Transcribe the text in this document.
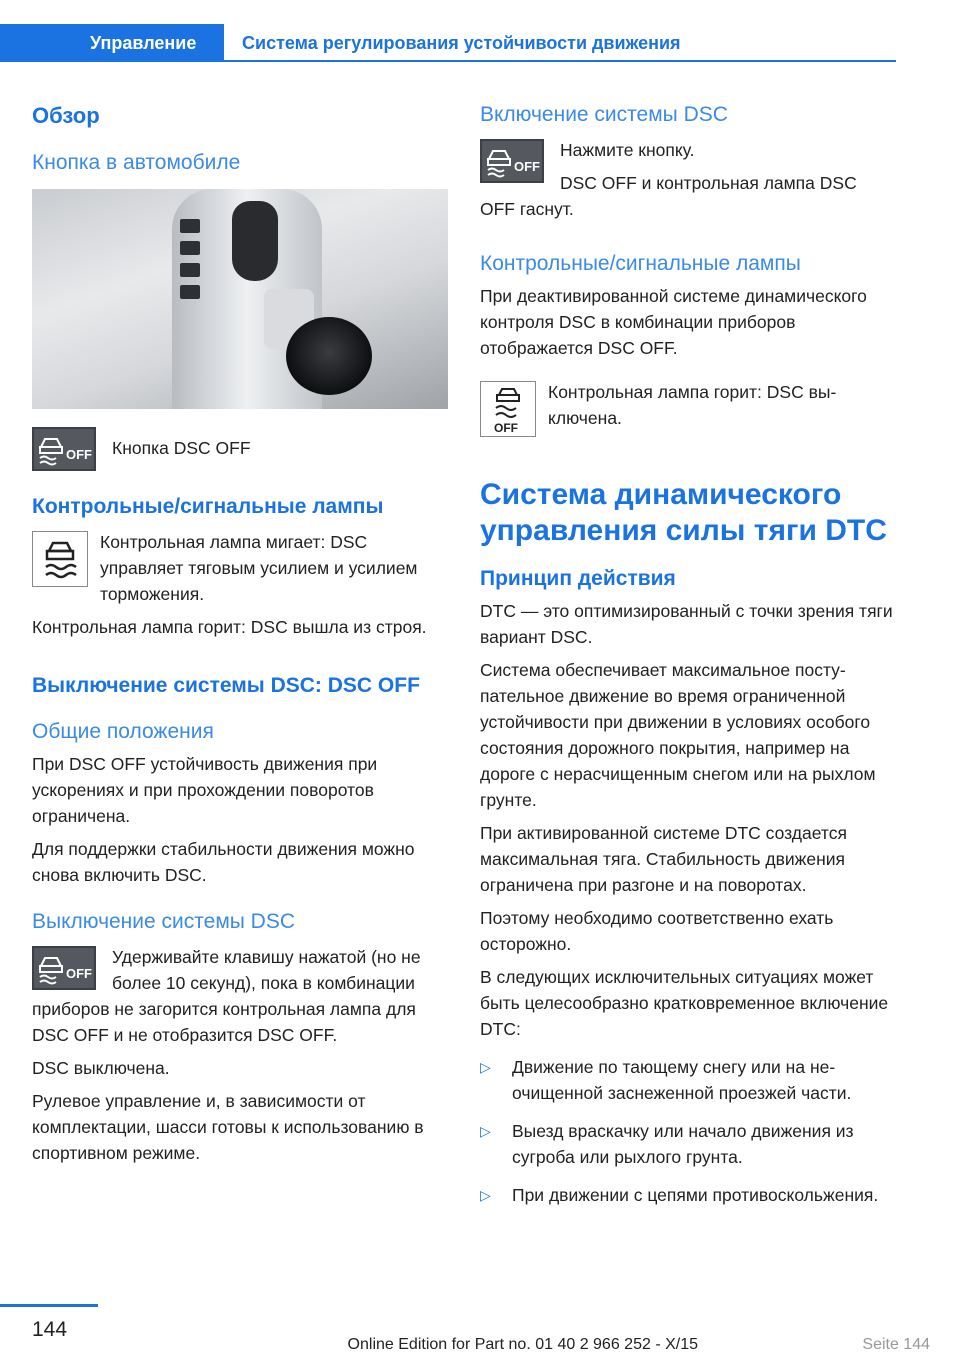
Управление	Система регулирования устойчивости движения
Обзор
Кнопка в автомобиле
OFF	Кнопка DSC OFF

Контрольные/сигнальные лампы

Контрольная лампа мигает: DSC управляет тяговым усилием и усилием торможения.

Контрольная лампа горит: DSC вышла из строя.

Выключение системы DSC: DSC OFF
Общие положения

При DSC OFF устойчивость движения при ускорениях и при прохождении поворотов ограничена.

Для поддержки стабильности движения можно снова включить DSC.

Выключение системы DSC
OFF

Удерживайте клавишу нажатой (но не более 10 секунд), пока в комбинации приборов не загорится контрольная лампа для DSC OFF и не отобразится DSC OFF.

DSC выключена.

Рулевое управление и, в зависимости от комплектации, шасси готовы к использованию в спортивном режиме.

Включение системы DSC
OFF

Нажмите кнопку.

DSC OFF и контрольная лампа DSC OFF гаснут.

Контрольные/сигнальные лампы

При деактивированной системе динамического контроля DSC в комбинации приборов отображается DSC OFF.

OFF

Контрольная лампа горит: DSC выключена.

Система динамического управления силы тяги DTC
Принцип действия

DTC — это оптимизированный с точки зрения тяги вариант DSC.

Система обеспечивает максимальное поступательное движение во время ограниченной устойчивости при движении в условиях особого состояния дорожного покрытия, например на дороге с нерасчищенным снегом или на рыхлом грунте.

При активированной системе DTC создается максимальная тяга. Стабильность движения ограничена при разгоне и на поворотах.

Поэтому необходимо соответственно ехать осторожно.

В следующих исключительных ситуациях может быть целесообразно кратковременное включение DTC:

▷ Движение по тающему снегу или на неочищенной заснеженной проезжей части.
▷ Выезд враскачку или начало движения из сугроба или рыхлого грунта.
▷ При движении с цепями противоскольжения.
144
Online Edition for Part no. 01 40 2 966 252 - X/15	Seite 144
